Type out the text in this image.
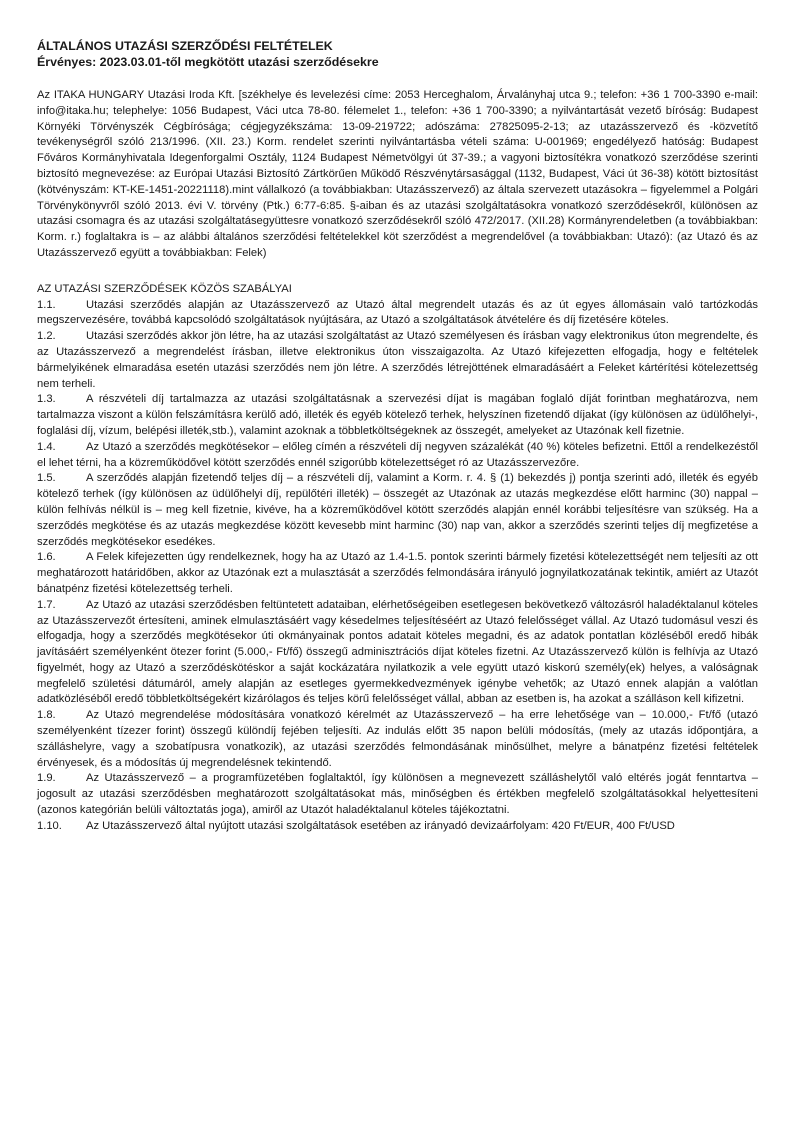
ÁLTALÁNOS UTAZÁSI SZERZŐDÉSI FELTÉTELEK

Érvényes: 2023.03.01-től megkötött utazási szerződésekre

Az ITAKA HUNGARY Utazási Iroda Kft. [székhelye és levelezési címe: 2053 Herceghalom, Árvalányhaj utca 9.; telefon: +36 1 700-3390 e-mail: info@itaka.hu; telephelye: 1056 Budapest, Váci utca 78-80. félemelet 1., telefon: +36 1 700-3390; a nyilvántartását vezető bíróság: Budapest Környéki Törvényszék Cégbírósága; cégjegyzékszáma: 13-09-219722; adószáma: 27825095-2-13; az utazásszervező és -közvetítő tevékenységről szóló 213/1996. (XII. 23.) Korm. rendelet szerinti nyilvántartásba vételi száma: U-001969; engedélyező hatóság: Budapest Főváros Kormányhivatala Idegenforgalmi Osztály, 1124 Budapest Németvölgyi út 37-39.; a vagyoni biztosítékra vonatkozó szerződése szerinti biztosító megnevezése: az Európai Utazási Biztosító Zártkörűen Működő Részvénytársasággal (1132, Budapest, Váci út 36-38) kötött biztosítást (kötvényszám: KT-KE-1451-20221118).mint vállalkozó (a továbbiakban: Utazásszervező) az általa szervezett utazásokra – figyelemmel a Polgári Törvénykönyvről szóló 2013. évi V. törvény (Ptk.) 6:77-6:85. §-aiban és az utazási szolgáltatásokra vonatkozó szerződésekről, különösen az utazási csomagra és az utazási szolgáltatásegyüttesre vonatkozó szerződésekről szóló 472/2017. (XII.28) Kormányrendeletben (a továbbiakban: Korm. r.) foglaltakra is – az alábbi általános szerződési feltételekkel köt szerződést a megrendelővel (a továbbiakban: Utazó): (az Utazó és az Utazásszervező együtt a továbbiakban: Felek)

AZ UTAZÁSI SZERZŐDÉSEK KÖZÖS SZABÁLYAI

1.1.	Utazási szerződés alapján az Utazásszervező az Utazó által megrendelt utazás és az út egyes állomásain való tartózkodás megszervezésére, továbbá kapcsolódó szolgáltatások nyújtására, az Utazó a szolgáltatások átvételére és díj fizetésére köteles.

1.2.	Utazási szerződés akkor jön létre, ha az utazási szolgáltatást az Utazó személyesen és írásban vagy elektronikus úton megrendelte, és az Utazásszervező a megrendelést írásban, illetve elektronikus úton visszaigazolta. Az Utazó kifejezetten elfogadja, hogy e feltételek bármelyikének elmaradása esetén utazási szerződés nem jön létre. A szerződés létrejöttének elmaradásáért a Feleket kártérítési kötelezettség nem terheli.

1.3.	A részvételi díj tartalmazza az utazási szolgáltatásnak a szervezési díjat is magában foglaló díját forintban meghatározva, nem tartalmazza viszont a külön felszámításra kerülő adó, illeték és egyéb kötelező terhek, helyszínen fizetendő díjakat (így különösen az üdülőhelyi-, foglalási díj, vízum, belépési illeték,stb.), valamint azoknak a többletköltségeknek az összegét, amelyeket az Utazónak kell fizetnie.

1.4.	Az Utazó a szerződés megkötésekor – előleg címén a részvételi díj negyven százalékát (40 %) köteles befizetni. Ettől a rendelkezéstől el lehet térni, ha a közreműködővel kötött szerződés ennél szigorúbb kötelezettséget ró az Utazásszervezőre.

1.5.	A szerződés alapján fizetendő teljes díj – a részvételi díj, valamint a Korm. r. 4. § (1) bekezdés j) pontja szerinti adó, illeték és egyéb kötelező terhek (így különösen az üdülőhelyi díj, repülőtéri illeték) – összegét az Utazónak az utazás megkezdése előtt harminc (30) nappal – külön felhívás nélkül is – meg kell fizetnie, kivéve, ha a közreműködővel kötött szerződés alapján ennél korábbi teljesítésre van szükség. Ha a szerződés megkötése és az utazás megkezdése között kevesebb mint harminc (30) nap van, akkor a szerződés szerinti teljes díj megfizetése a szerződés megkötésekor esedékes.

1.6.	A Felek kifejezetten úgy rendelkeznek, hogy ha az Utazó az 1.4-1.5. pontok szerinti bármely fizetési kötelezettségét nem teljesíti az ott meghatározott határidőben, akkor az Utazónak ezt a mulasztását a szerződés felmondására irányuló jognyilatkozatának tekintik, amiért az Utazót bánatpénz fizetési kötelezettség terheli.

1.7.	Az Utazó az utazási szerződésben feltüntetett adataiban, elérhetőségeiben esetlegesen bekövetkező változásról haladéktalanul köteles az Utazásszervezőt értesíteni, aminek elmulasztásáért vagy késedelmes teljesítéséért az Utazó felelősséget vállal. Az Utazó tudomásul veszi és elfogadja, hogy a szerződés megkötésekor úti okmányainak pontos adatait köteles megadni, és az adatok pontatlan közléséből eredő hibák javításáért személyenként ötezer forint (5.000,- Ft/fő) összegű adminisztrációs díjat köteles fizetni. Az Utazásszervező külön is felhívja az Utazó figyelmét, hogy az Utazó a szerződéskötéskor a saját kockázatára nyilatkozik a vele együtt utazó kiskorú személy(ek) helyes, a valóságnak megfelelő születési dátumáról, amely alapján az esetleges gyermekkedvezmények igénybe vehetők; az Utazó ennek alapján a valótlan adatközléséből eredő többletköltségekért kizárólagos és teljes körű felelősséget vállal, abban az esetben is, ha azokat a szálláson kell kifizetni.

1.8.	Az Utazó megrendelése módosítására vonatkozó kérelmét az Utazásszervező – ha erre lehetősége van – 10.000,- Ft/fő (utazó személyenként tízezer forint) összegű különdíj fejében teljesíti. Az indulás előtt 35 napon belüli módosítás, (mely az utazás időpontjára, a szálláshelyre, vagy a szobatípusra vonatkozik), az utazási szerződés felmondásának minősülhet, melyre a bánatpénz fizetési feltételek érvényesek, és a módosítás új megrendelésnek tekintendő.

1.9.	Az Utazásszervező – a programfüzetében foglaltaktól, így különösen a megnevezett szálláshelytől való eltérés jogát fenntartva – jogosult az utazási szerződésben meghatározott szolgáltatásokat más, minőségben és értékben megfelelő szolgáltatásokkal helyettesíteni (azonos kategórián belüli változtatás joga), amiről az Utazót haladéktalanul köteles tájékoztatni.

1.10. Az Utazásszervező által nyújtott utazási szolgáltatások esetében az irányadó devizaárfolyam: 420 Ft/EUR, 400 Ft/USD
